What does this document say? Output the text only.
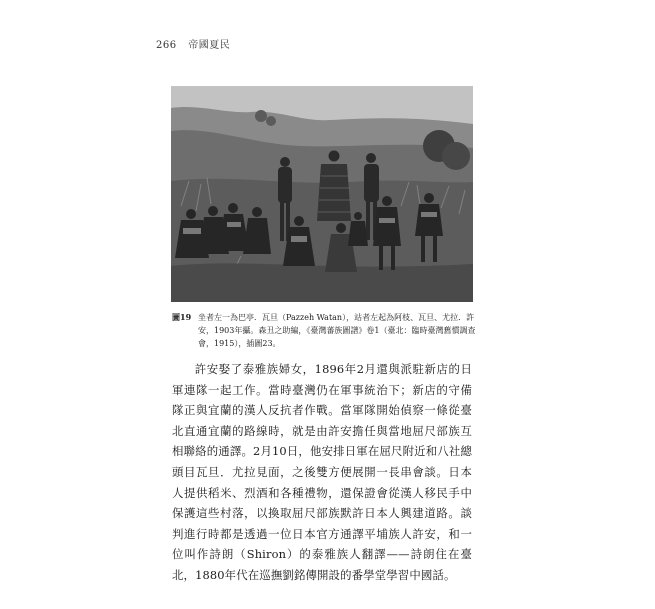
266 帝國夏民
圖19 坐者左一為巴亭．瓦旦（Pazzeh Watan），站者左起為阿枝、瓦旦、尤拉．許安，1903年攝。森丑之助編，《臺灣蕃族圖譜》卷1（臺北：臨時臺灣舊慣調查會，1915），插圖23。
許安娶了泰雅族婦女，1896年2月還與派駐新店的日軍連隊一起工作。當時臺灣仍在軍事統治下；新店的守備隊正與宜蘭的漢人反抗者作戰。當軍隊開始偵察一條從臺北直通宜蘭的路線時，就是由許安擔任與當地屈尺部族互相聯絡的通譯。2月10日，他安排日軍在屈尺附近和八社總頭目瓦旦．尤拉見面，之後雙方便展開一長串會談。日本人提供稻米、烈酒和各種禮物，還保證會從漢人移民手中保護這些村落，以換取屈尺部族默許日本人興建道路。談判進行時都是透過一位日本官方通譯平埔族人許安，和一位叫作詩朗（Shiron）的泰雅族人翻譯——詩朗住在臺北，1880年代在巡撫劉銘傳開設的番學堂學習中國話。
